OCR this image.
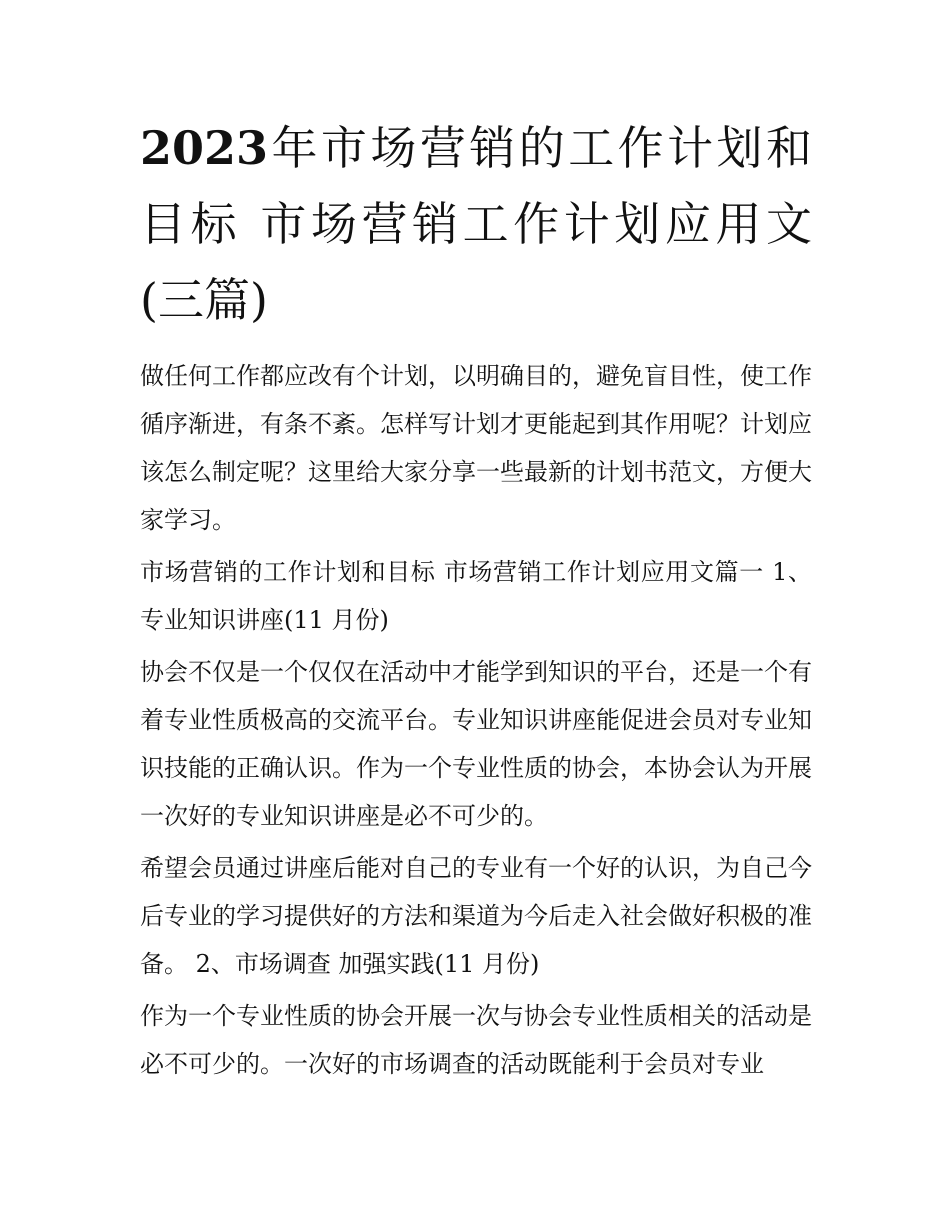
2023年市场营销的工作计划和目标 市场营销工作计划应用文(三篇)

做任何工作都应改有个计划，以明确目的，避免盲目性，使工作循序渐进，有条不紊。怎样写计划才更能起到其作用呢？计划应该怎么制定呢？这里给大家分享一些最新的计划书范文，方便大家学习。

市场营销的工作计划和目标 市场营销工作计划应用文篇一 1、专业知识讲座(11 月份)

协会不仅是一个仅仅在活动中才能学到知识的平台，还是一个有着专业性质极高的交流平台。专业知识讲座能促进会员对专业知识技能的正确认识。作为一个专业性质的协会，本协会认为开展一次好的专业知识讲座是必不可少的。

希望会员通过讲座后能对自己的专业有一个好的认识，为自己今后专业的学习提供好的方法和渠道为今后走入社会做好积极的准备。 2、市场调查 加强实践(11 月份)

作为一个专业性质的协会开展一次与协会专业性质相关的活动是必不可少的。一次好的市场调查的活动既能利于会员对专业
